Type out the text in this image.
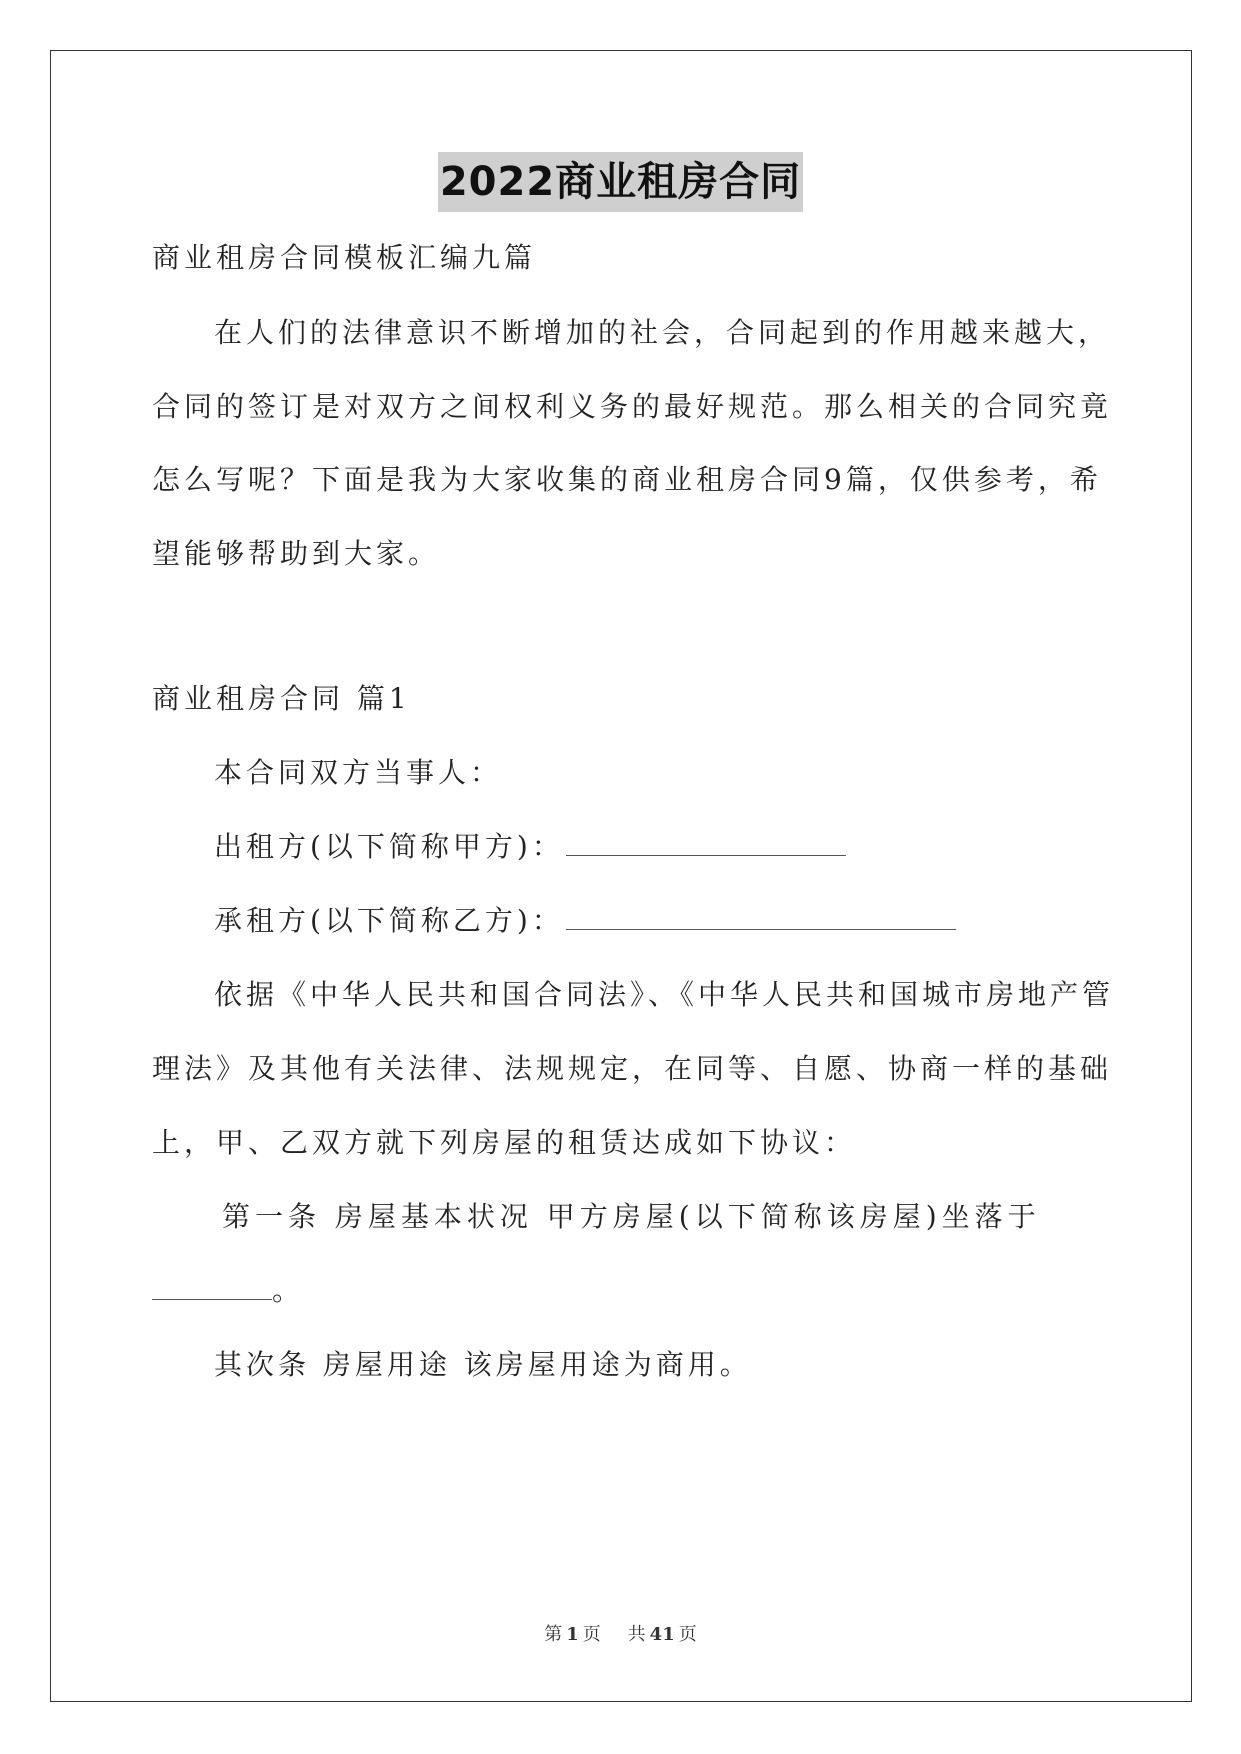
2022商业租房合同
商业租房合同模板汇编九篇
在人们的法律意识不断增加的社会，合同起到的作用越来越大，
合同的签订是对双方之间权利义务的最好规范。那么相关的合同究竟
怎么写呢？下面是我为大家收集的商业租房合同9篇，仅供参考，希
望能够帮助到大家。
商业租房合同 篇1
本合同双方当事人：
出租方(以下简称甲方)：
承租方(以下简称乙方)：
依据《中华人民共和国合同法》、《中华人民共和国城市房地产管
理法》及其他有关法律、法规规定，在同等、自愿、协商一样的基础
上，甲、乙双方就下列房屋的租赁达成如下协议：
第一条 房屋基本状况 甲方房屋(以下简称该房屋)坐落于
。
其次条 房屋用途 该房屋用途为商用。
第 1 页 共 41 页
